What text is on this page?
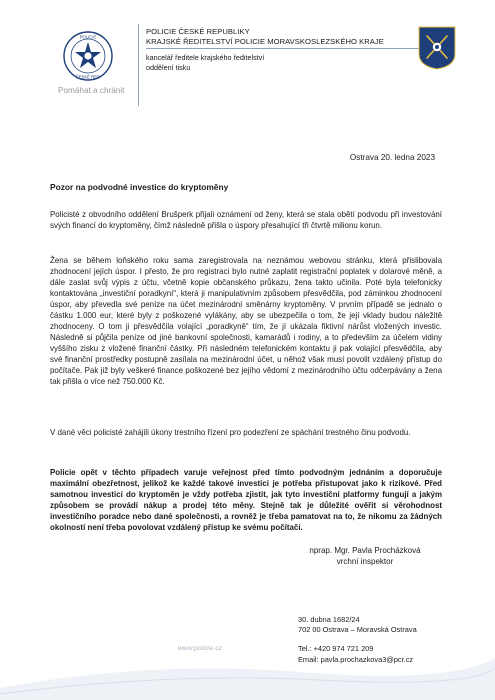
POLICIE
ČESKÉ REP.
Pomáhat a chránit
POLICIE ČESKÉ REPUBLIKY
KRAJSKÉ ŘEDITELSTVÍ POLICIE MORAVSKOSLEZSKÉHO KRAJE
kancelář ředitele krajského ředitelství
oddělení tisku
Ostrava 20. ledna 2023
Pozor na podvodné investice do kryptoměny
Policisté z obvodního oddělení Brušperk přijali oznámení od ženy, která se stala obětí podvodu při investování svých financí do kryptoměny, čímž následně přišla o úspory přesahující tři čtvrtě milionu korun.
Žena se během loňského roku sama zaregistrovala na neznámou webovou stránku, která přislibovala zhodnocení jejích úspor. I přesto, že pro registraci bylo nutné zaplatit registrační poplatek v dolarové měně, a dále zaslat svůj výpis z účtu, včetně kopie občanského průkazu, žena takto učinila. Poté byla telefonicky kontaktována „investiční poradkyní“, která ji manipulativním způsobem přesvědčila, pod záminkou zhodnocení úspor, aby převedla své peníze na účet mezinárodní směnárny kryptoměny. V prvním případě se jednalo o částku 1.000 eur, které byly z poškozené vylákány, aby se ubezpečila o tom, že její vklady budou náležitě zhodnoceny. O tom ji přesvědčila volající „poradkyně“ tím, že jí ukázala fiktivní nárůst vložených investic. Následně si půjčila peníze od jiné bankovní společnosti, kamarádů i rodiny, a to především za účelem vidiny vyššího zisku z vložené finanční částky. Při následném telefonickém kontaktu ji pak volající přesvědčila, aby své finanční prostředky postupně zasílala na mezinárodní účet, u něhož však musí povolit vzdálený přístup do počítače. Pak již byly veškeré finance poškozené bez jejího vědomí z mezinárodního účtu odčerpávány a žena tak přišla o více než 750.000 Kč.
V dané věci policisté zahájili úkony trestního řízení pro podezření ze spáchání trestného činu podvodu.
Policie opět v těchto případech varuje veřejnost před tímto podvodným jednáním a doporučuje maximální obezřetnost, jelikož ke každé takové investici je potřeba přistupovat jako k rizikové. Před samotnou investicí do kryptoměn je vždy potřeba zjistit, jak tyto investiční platformy fungují a jakým způsobem se provádí nákup a prodej této měny. Stejně tak je důležité ověřit si věrohodnost investičního poradce nebo dané společnosti, a rovněž je třeba pamatovat na to, že nikomu za žádných okolností není třeba povolovat vzdálený přístup ke svému počítači.
nprap. Mgr. Pavla Procházková
vrchní inspektor
30. dubna 1682/24
702 00 Ostrava – Moravská Ostrava
Tel.: +420 974 721 209
Email: pavla.prochazkova3@pcr.cz
www.policie.cz
